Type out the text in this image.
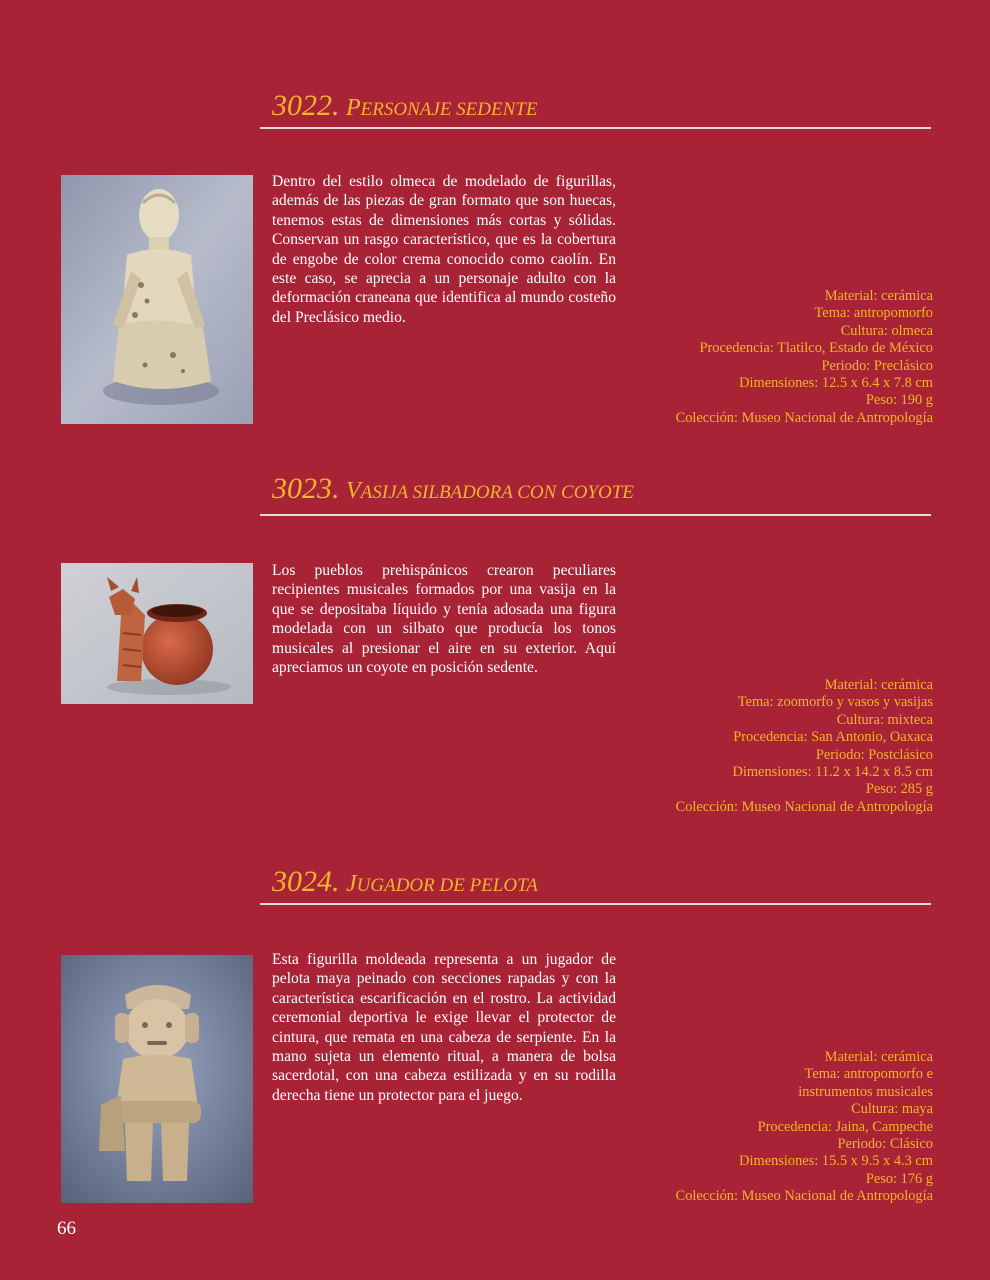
3022. PERSONAJE SEDENTE

Dentro del estilo olmeca de modelado de figurillas, además de las piezas de gran formato que son huecas, tenemos estas de dimensiones más cortas y sólidas. Conservan un rasgo característico, que es la cobertura de engobe de color crema conocido como caolín. En este caso, se aprecia a un personaje adulto con la deformación craneana que identifica al mundo costeño del Preclásico medio.

Material: cerámica
Tema: antropomorfo
Cultura: olmeca
Procedencia: Tlatilco, Estado de México
Periodo: Preclásico
Dimensiones: 12.5 x 6.4 x 7.8 cm
Peso: 190 g
Colección: Museo Nacional de Antropología
3023. VASIJA SILBADORA CON COYOTE

Los pueblos prehispánicos crearon peculiares recipientes musicales formados por una vasija en la que se depositaba líquido y tenía adosada una figura modelada con un silbato que producía los tonos musicales al presionar el aire en su exterior. Aquí apreciamos un coyote en posición sedente.

Material: cerámica
Tema: zoomorfo y vasos y vasijas
Cultura: mixteca
Procedencia: San Antonio, Oaxaca
Periodo: Postclásico
Dimensiones: 11.2 x 14.2 x 8.5 cm
Peso: 285 g
Colección: Museo Nacional de Antropología
3024. JUGADOR DE PELOTA

Esta figurilla moldeada representa a un jugador de pelota maya peinado con secciones rapadas y con la característica escarificación en el rostro. La actividad ceremonial deportiva le exige llevar el protector de cintura, que remata en una cabeza de serpiente. En la mano sujeta un elemento ritual, a manera de bolsa sacerdotal, con una cabeza estilizada y en su rodilla derecha tiene un protector para el juego.

Material: cerámica
Tema: antropomorfo e
instrumentos musicales
Cultura: maya
Procedencia: Jaina, Campeche
Periodo: Clásico
Dimensiones: 15.5 x 9.5 x 4.3 cm
Peso: 176 g
Colección: Museo Nacional de Antropología
66
